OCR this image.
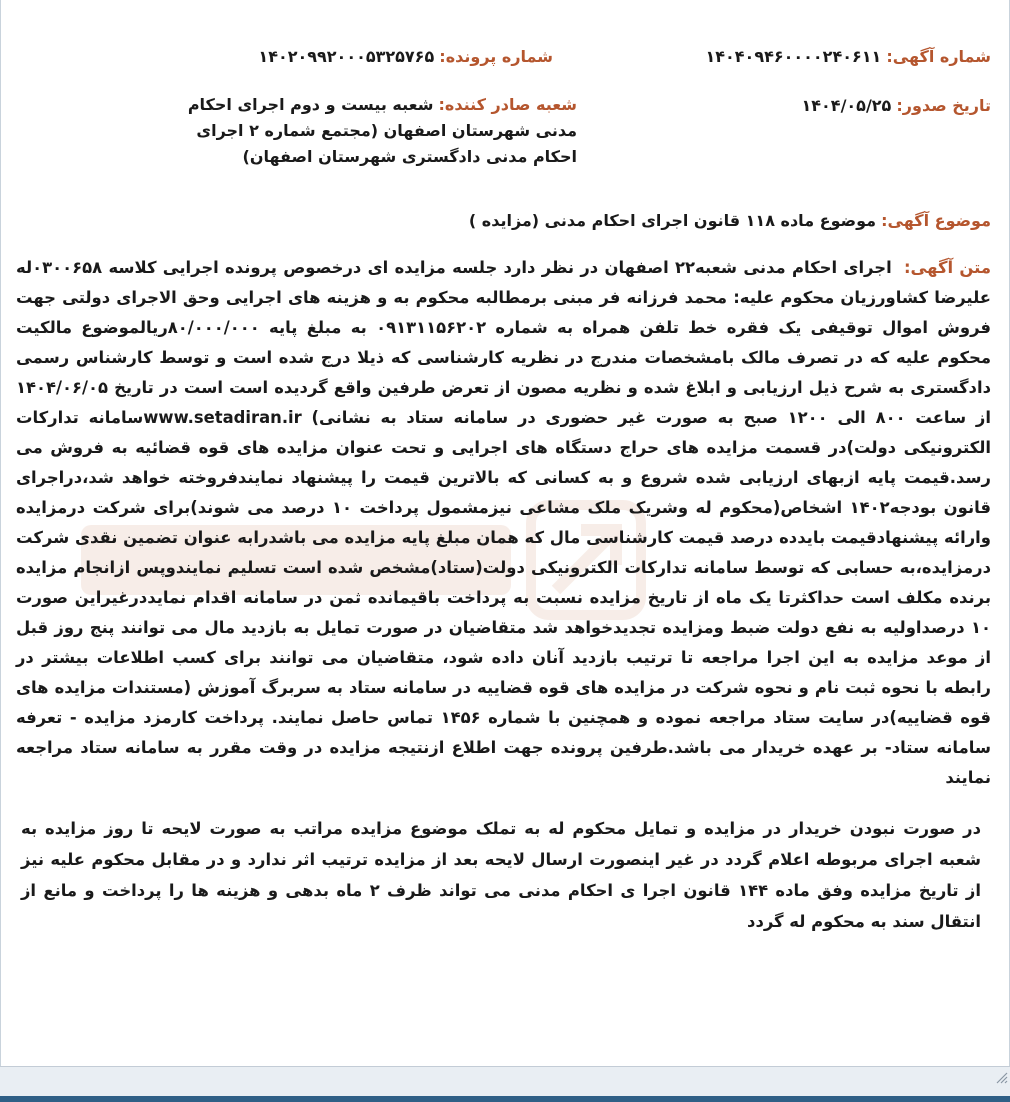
شماره آگهی: ۱۴۰۴۰۹۴۶۰۰۰۰۲۴۰۶۱۱
شماره پرونده: ۱۴۰۲۰۹۹۲۰۰۰۵۳۲۵۷۶۵
تاریخ صدور: ۱۴۰۴/۰۵/۲۵
شعبه صادر کننده: شعبه بیست و دوم اجرای احکام مدنی شهرستان اصفهان (مجتمع شماره ۲ اجرای احکام مدنی دادگستری شهرستان اصفهان)
موضوع آگهی: موضوع ماده ۱۱۸ قانون اجرای احکام مدنی (مزایده )
متن آگهی: اجرای احکام مدنی شعبه۲۲ اصفهان در نظر دارد جلسه مزایده ای درخصوص پرونده اجرایی کلاسه ۰۳۰۰۶۵۸له علیرضا کشاورزیان محکوم علیه: محمد فرزانه فر مبنی برمطالبه محکوم به و هزینه های اجرایی وحق الاجرای دولتی جهت فروش اموال توقیفی یک فقره خط تلفن همراه به شماره ۰۹۱۳۱۱۵۶۲۰۲ به مبلغ پایه ۸۰/۰۰۰/۰۰۰ریالموضوع مالکیت محکوم علیه که در تصرف مالک بامشخصات مندرج در نظریه کارشناسی که ذیلا درج شده است و توسط کارشناس رسمی دادگستری به شرح ذیل ارزیابی و ابلاغ شده و نظریه مصون از تعرض طرفین واقع گردیده است است در تاریخ ۱۴۰۴/۰۶/۰۵ از ساعت ۸۰۰ الی ۱۲۰۰ صبح به صورت غیر حضوری در سامانه ستاد به نشانی) www.setadiran.irسامانه تدارکات الکترونیکی دولت)در قسمت مزایده های حراج دستگاه های اجرایی و تحت عنوان مزایده های قوه قضائیه به فروش می رسد.قیمت پایه ازبهای ارزیابی شده شروع و به کسانی که بالاترین قیمت را پیشنهاد نمایندفروخته خواهد شد،دراجرای قانون بودجه۱۴۰۲ اشخاص(محکوم له وشریک ملک مشاعی نیزمشمول پرداخت ۱۰ درصد می شوند)برای شرکت درمزایده وارائه پیشنهادقیمت بایدده درصد قیمت کارشناسی مال که همان مبلغ پایه مزایده می باشدرابه عنوان تضمین نقدی شرکت درمزایده،به حسابی که توسط سامانه تدارکات الکترونیکی دولت(ستاد)مشخص شده است تسلیم نمایندوپس ازانجام مزایده برنده مکلف است حداکثرتا یک ماه از تاریخ مزایده نسبت به پرداخت باقیمانده ثمن در سامانه اقدام نمایددرغیراین صورت ۱۰ درصداولیه به نفع دولت ضبط ومزایده تجدیدخواهد شد متقاضیان در صورت تمایل به بازدید مال می توانند پنج روز قبل از موعد مزایده به این اجرا مراجعه تا ترتیب بازدید آنان داده شود، متقاضیان می توانند برای کسب اطلاعات بیشتر در رابطه با نحوه ثبت نام و نحوه شرکت در مزایده های قوه قضاییه در سامانه ستاد به سربرگ آموزش (مستندات مزایده های قوه قضاییه)در سایت ستاد مراجعه نموده و همچنین با شماره ۱۴۵۶ تماس حاصل نمایند. پرداخت کارمزد مزایده - تعرفه سامانه ستاد- بر عهده خریدار می باشد.طرفین پرونده جهت اطلاع ازنتیجه مزایده در وقت مقرر به سامانه ستاد مراجعه نمایند
در صورت نبودن خریدار در مزایده و تمایل محکوم له به تملک موضوع مزایده مراتب به صورت لایحه تا روز مزایده به شعبه اجرای مربوطه اعلام گردد در غیر اینصورت ارسال لایحه بعد از مزایده ترتیب اثر ندارد و در مقابل محکوم علیه نیز از تاریخ مزایده وفق ماده ۱۴۴ قانون اجرا ی احکام مدنی می تواند ظرف ۲ ماه بدهی و هزینه ها را پرداخت و مانع از انتقال سند به محکوم له گردد
